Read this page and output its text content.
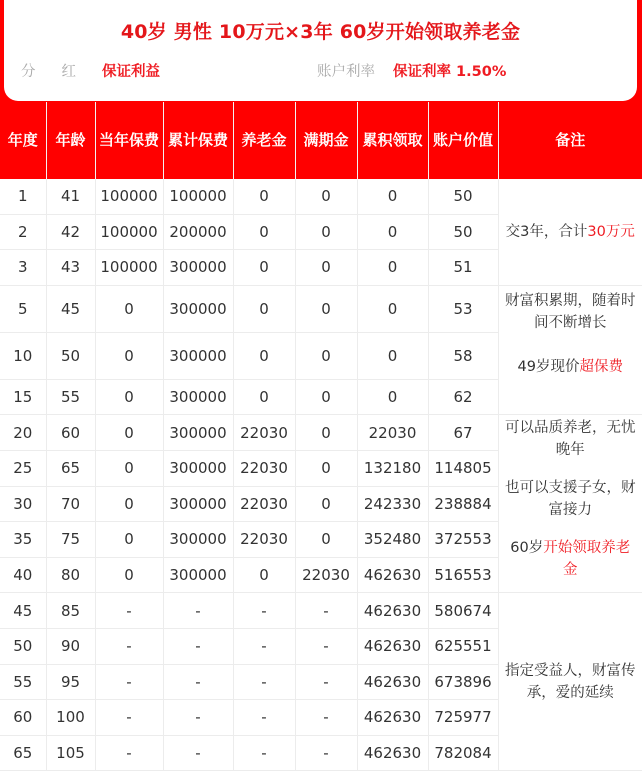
40岁 男性 10万元×3年 60岁开始领取养老金
分红保证利益	账户利率 保证利率 1.50%
年度	年龄	当年保费	累计保费	养老金	满期金	累积领取	账户价值	备注
1	41	100000	100000	0	0	0	50	交3年，合计30万元

2	42	100000	200000	0	0	0	50	
3	43	100000	300000	0	0	0	51	
5	45	0	300000	0	0	0	53	财富积累期，随着时间不断增长

49岁现价超保费

10	50	0	300000	0	0	0	58	
15	55	0	300000	0	0	0	62	
20	60	0	300000	22030	0	22030	67	可以品质养老，无忧晚年

也可以支援子女，财富接力

60岁开始领取养老金

25	65	0	300000	22030	0	132180	114805	
30	70	0	300000	22030	0	242330	238884	
35	75	0	300000	22030	0	352480	372553	
40	80	0	300000	0	22030	462630	516553	
45	85	-	-	-	-	462630	580674	指定受益人，财富传承，爱的延续

50	90	-	-	-	-	462630	625551	
55	95	-	-	-	-	462630	673896	
60	100	-	-	-	-	462630	725977	
65	105	-	-	-	-	462630	782084	
